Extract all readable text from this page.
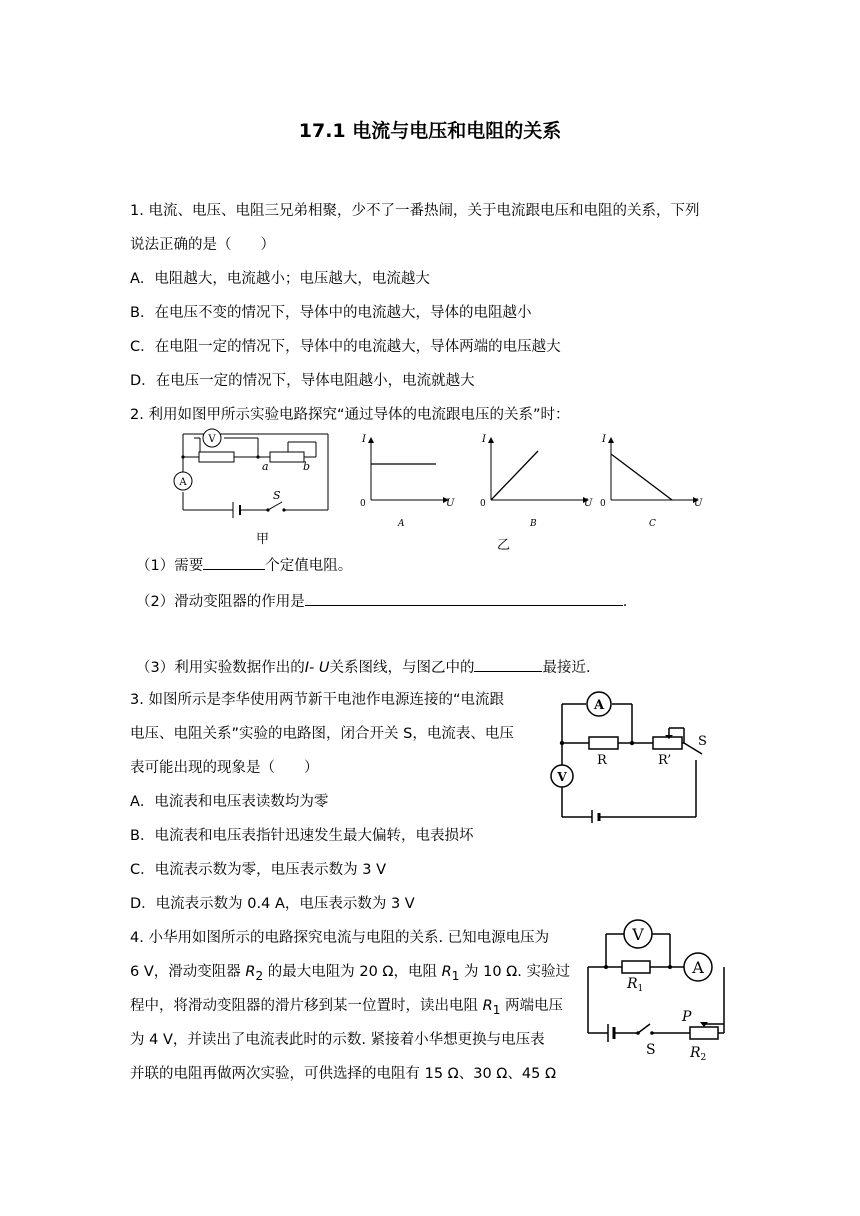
17.1 电流与电压和电阻的关系
1. 电流、电压、电阻三兄弟相聚，少不了一番热闹，关于电流跟电压和电阻的关系，下列
说法正确的是（　　）
A．电阻越大，电流越小；电压越大，电流越大
B．在电压不变的情况下，导体中的电流越大，导体的电阻越小
C．在电阻一定的情况下，导体中的电流越大，导体两端的电压越大
D．在电压一定的情况下，导体电阻越小，电流就越大
2. 利用如图甲所示实验电路探究“通过导体的电流跟电压的关系”时：
V
A
a	b
S
甲
I
U
0
A
I
U
0
B
I
U
0
C
乙
（1）需要	个定值电阻。
（2）滑动变阻器的作用是	.
（3）利用实验数据作出的I- U关系图线，与图乙中的	最接近.
3. 如图所示是李华使用两节新干电池作电源连接的“电流跟
电压、电阻关系”实验的电路图，闭合开关 S，电流表、电压
表可能出现的现象是（　　）
A．电流表和电压表读数均为零
B．电流表和电压表指针迅速发生最大偏转，电表损坏
C．电流表示数为零，电压表示数为 3 V
D．电流表示数为 0.4 A，电压表示数为 3 V
A
V
R	R’
S
4. 小华用如图所示的电路探究电流与电阻的关系. 已知电源电压为
6 V，滑动变阻器 $R_2$ 的最大电阻为 20 Ω，电阻 $R_1$ 为 10 Ω. 实验过
程中，将滑动变阻器的滑片移到某一位置时，读出电阻 $R_1$ 两端电压
为 4 V，并读出了电流表此时的示数. 紧接着小华想更换与电压表
并联的电阻再做两次实验，可供选择的电阻有 15 Ω、30 Ω、45 Ω
V
A
$R_1$
P
S $R_2$
